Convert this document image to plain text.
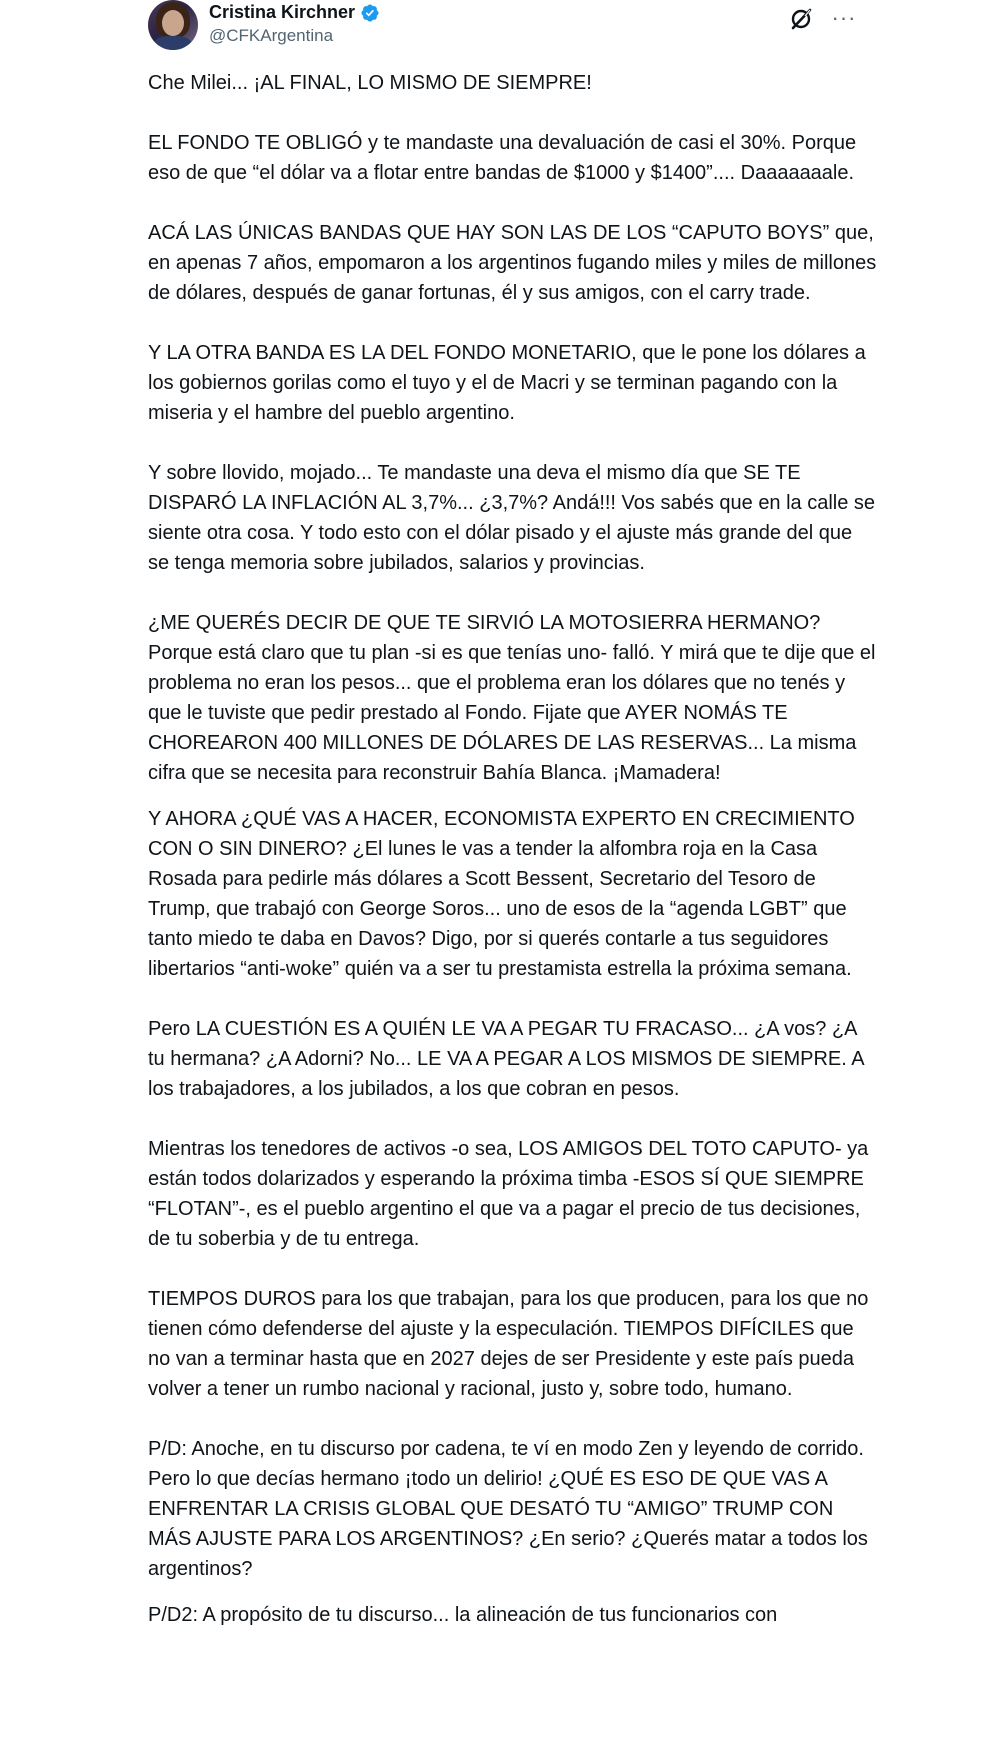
Cristina Kirchner
@CFKArgentina
···

Che Milei... ¡AL FINAL, LO MISMO DE SIEMPRE!

EL FONDO TE OBLIGÓ y te mandaste una devaluación de casi el 30%. Porque eso de que “el dólar va a flotar entre bandas de $1000 y $1400”.... Daaaaaaale.

ACÁ LAS ÚNICAS BANDAS QUE HAY SON LAS DE LOS “CAPUTO BOYS” que, en apenas 7 años, empomaron a los argentinos fugando miles y miles de millones de dólares, después de ganar fortunas, él y sus amigos, con el carry trade.

Y LA OTRA BANDA ES LA DEL FONDO MONETARIO, que le pone los dólares a los gobiernos gorilas como el tuyo y el de Macri y se terminan pagando con la miseria y el hambre del pueblo argentino.

Y sobre llovido, mojado... Te mandaste una deva el mismo día que SE TE DISPARÓ LA INFLACIÓN AL 3,7%... ¿3,7%? Andá!!! Vos sabés que en la calle se siente otra cosa. Y todo esto con el dólar pisado y el ajuste más grande del que se tenga memoria sobre jubilados, salarios y provincias.

¿ME QUERÉS DECIR DE QUE TE SIRVIÓ LA MOTOSIERRA HERMANO? Porque está claro que tu plan -si es que tenías uno- falló. Y mirá que te dije que el problema no eran los pesos... que el problema eran los dólares que no tenés y que le tuviste que pedir prestado al Fondo. Fijate que AYER NOMÁS TE CHOREARON 400 MILLONES DE DÓLARES DE LAS RESERVAS... La misma cifra que se necesita para reconstruir Bahía Blanca. ¡Mamadera!

Y AHORA ¿QUÉ VAS A HACER, ECONOMISTA EXPERTO EN CRECIMIENTO CON O SIN DINERO? ¿El lunes le vas a tender la alfombra roja en la Casa Rosada para pedirle más dólares a Scott Bessent, Secretario del Tesoro de Trump, que trabajó con George Soros... uno de esos de la “agenda LGBT” que tanto miedo te daba en Davos? Digo, por si querés contarle a tus seguidores libertarios “anti-woke” quién va a ser tu prestamista estrella la próxima semana.

Pero LA CUESTIÓN ES A QUIÉN LE VA A PEGAR TU FRACASO... ¿A vos? ¿A tu hermana? ¿A Adorni? No... LE VA A PEGAR A LOS MISMOS DE SIEMPRE. A los trabajadores, a los jubilados, a los que cobran en pesos.

Mientras los tenedores de activos -o sea, LOS AMIGOS DEL TOTO CAPUTO- ya están todos dolarizados y esperando la próxima timba -ESOS SÍ QUE SIEMPRE “FLOTAN”-, es el pueblo argentino el que va a pagar el precio de tus decisiones, de tu soberbia y de tu entrega.

TIEMPOS DUROS para los que trabajan, para los que producen, para los que no tienen cómo defenderse del ajuste y la especulación. TIEMPOS DIFÍCILES que no van a terminar hasta que en 2027 dejes de ser Presidente y este país pueda volver a tener un rumbo nacional y racional, justo y, sobre todo, humano.

P/D: Anoche, en tu discurso por cadena, te ví en modo Zen y leyendo de corrido. Pero lo que decías hermano ¡todo un delirio! ¿QUÉ ES ESO DE QUE VAS A ENFRENTAR LA CRISIS GLOBAL QUE DESATÓ TU “AMIGO” TRUMP CON MÁS AJUSTE PARA LOS ARGENTINOS? ¿En serio? ¿Querés matar a todos los argentinos?

P/D2: A propósito de tu discurso... la alineación de tus funcionarios con
